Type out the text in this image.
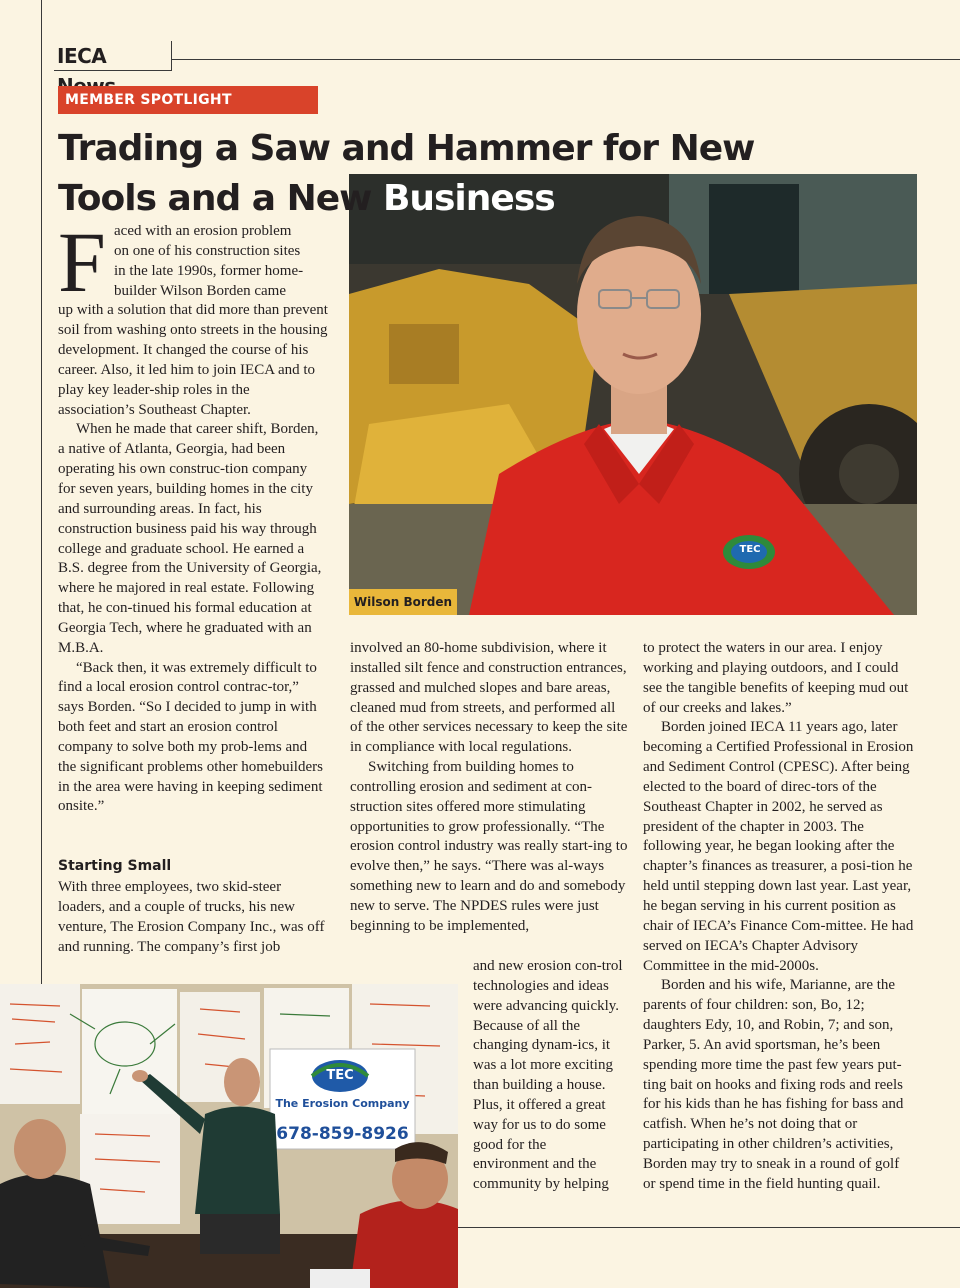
IECA
MEMBER SPOTLIGHT
Trading a Saw and Hammer for New
Tools and a New Business
TEC
Wilson Borden
TEC
The Erosion Company
678-859-8926
F aced with an erosion problem
on one of his construction sites
in the late 1990s, former home-
builder Wilson Borden came

up with a solution that did more than prevent soil from washing onto streets in the housing development. It changed the course of his career. Also, it led him to join IECA and to play key leader-ship roles in the association’s Southeast Chapter.

When he made that career shift, Borden, a native of Atlanta, Georgia, had been operating his own construc-tion company for seven years, building homes in the city and surrounding areas. In fact, his construction business paid his way through college and graduate school. He earned a B.S. degree from the University of Georgia, where he majored in real estate. Following that, he con-tinued his formal education at Georgia Tech, where he graduated with an M.B.A.

“Back then, it was extremely difficult to find a local erosion control contrac-tor,” says Borden. “So I decided to jump in with both feet and start an erosion control company to solve both my prob-lems and the significant problems other homebuilders in the area were having in keeping sediment onsite.”

Starting Small

With three employees, two skid-steer loaders, and a couple of trucks, his new venture, The Erosion Company Inc., was off and running. The company’s first job

involved an 80-home subdivision, where it installed silt fence and construction entrances, grassed and mulched slopes and bare areas, cleaned mud from streets, and performed all of the other services necessary to keep the site in compliance with local regulations.

Switching from building homes to controlling erosion and sediment at con-struction sites offered more stimulating opportunities to grow professionally. “The erosion control industry was really start-ing to evolve then,” he says. “There was al-ways something new to learn and do and somebody new to serve. The NPDES rules were just beginning to be implemented,

and new erosion con-trol technologies and ideas were advancing quickly. Because of all the changing dynam-ics, it was a lot more exciting than building a house. Plus, it offered a great way for us to do some good for the environment and the community by helping

to protect the waters in our area. I enjoy working and playing outdoors, and I could see the tangible benefits of keeping mud out of our creeks and lakes.”

Borden joined IECA 11 years ago, later becoming a Certified Professional in Erosion and Sediment Control (CPESC). After being elected to the board of direc-tors of the Southeast Chapter in 2002, he served as president of the chapter in 2003. The following year, he began looking after the chapter’s finances as treasurer, a posi-tion he held until stepping down last year. Last year, he began serving in his current position as chair of IECA’s Finance Com-mittee. He had served on IECA’s Chapter Advisory Committee in the mid-2000s.

Borden and his wife, Marianne, are the parents of four children: son, Bo, 12; daughters Edy, 10, and Robin, 7; and son, Parker, 5. An avid sportsman, he’s been spending more time the past few years put-ting bait on hooks and fixing rods and reels for his kids than he has fishing for bass and catfish. When he’s not doing that or participating in other children’s activities, Borden may try to sneak in a round of golf or spend time in the field hunting quail.
